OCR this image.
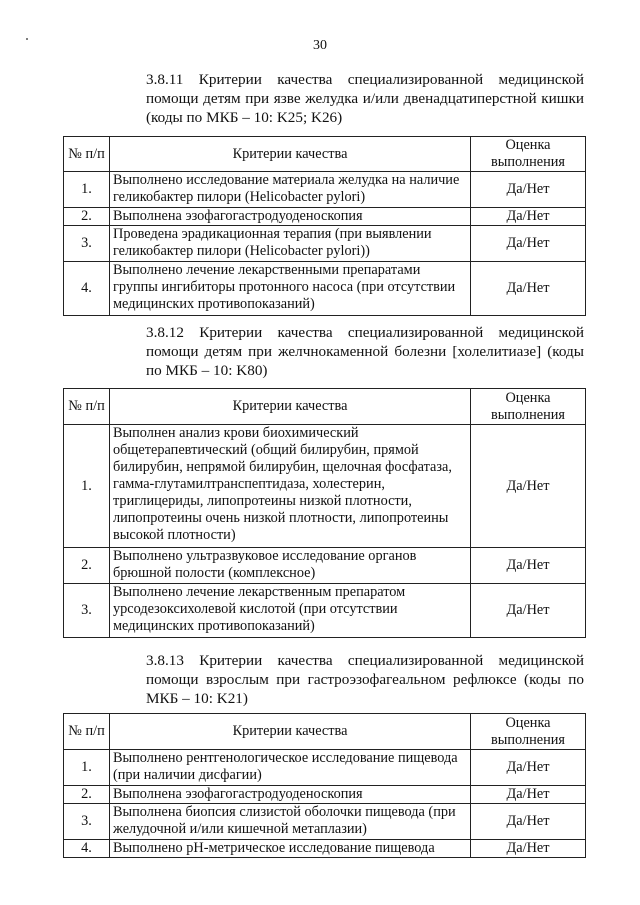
30
3.8.11 Критерии качества специализированной медицинской
помощи детям при язве желудка и/или двенадцатиперстной кишки
(коды по МКБ – 10: K25; K26)
№ п/п	Критерии качества	Оценка выполнения
1.	Выполнено исследование материала желудка на наличие геликобактер пилори (Helicobacter pylori)	Да/Нет
2.	Выполнена эзофагогастродуоденоскопия	Да/Нет
3.	Проведена эрадикационная терапия (при выявлении геликобактер пилори (Helicobacter pylori))	Да/Нет
4.	Выполнено лечение лекарственными препаратами группы ингибиторы протонного насоса (при отсутствии медицинских противопоказаний)	Да/Нет
3.8.12 Критерии качества специализированной медицинской
помощи детям при желчнокаменной болезни [холелитиазе] (коды
по МКБ – 10: K80)
№ п/п	Критерии качества	Оценка выполнения
1.	Выполнен анализ крови биохимический общетерапевтический (общий билирубин, прямой билирубин, непрямой билирубин, щелочная фосфатаза, гамма-глутамилтранспептидаза, холестерин, триглицериды, липопротеины низкой плотности, липопротеины очень низкой плотности, липопротеины высокой плотности)	Да/Нет
2.	Выполнено ультразвуковое исследование органов брюшной полости (комплексное)	Да/Нет
3.	Выполнено лечение лекарственным препаратом урсодезоксихолевой кислотой (при отсутствии медицинских противопоказаний)	Да/Нет
3.8.13 Критерии качества специализированной медицинской
помощи взрослым при гастроэзофагеальном рефлюксе (коды по
МКБ – 10: K21)
№ п/п	Критерии качества	Оценка выполнения
1.	Выполнено рентгенологическое исследование пищевода (при наличии дисфагии)	Да/Нет
2.	Выполнена эзофагогастродуоденоскопия	Да/Нет
3.	Выполнена биопсия слизистой оболочки пищевода (при желудочной и/или кишечной метаплазии)	Да/Нет
4.	Выполнено pH-метрическое исследование пищевода	Да/Нет
